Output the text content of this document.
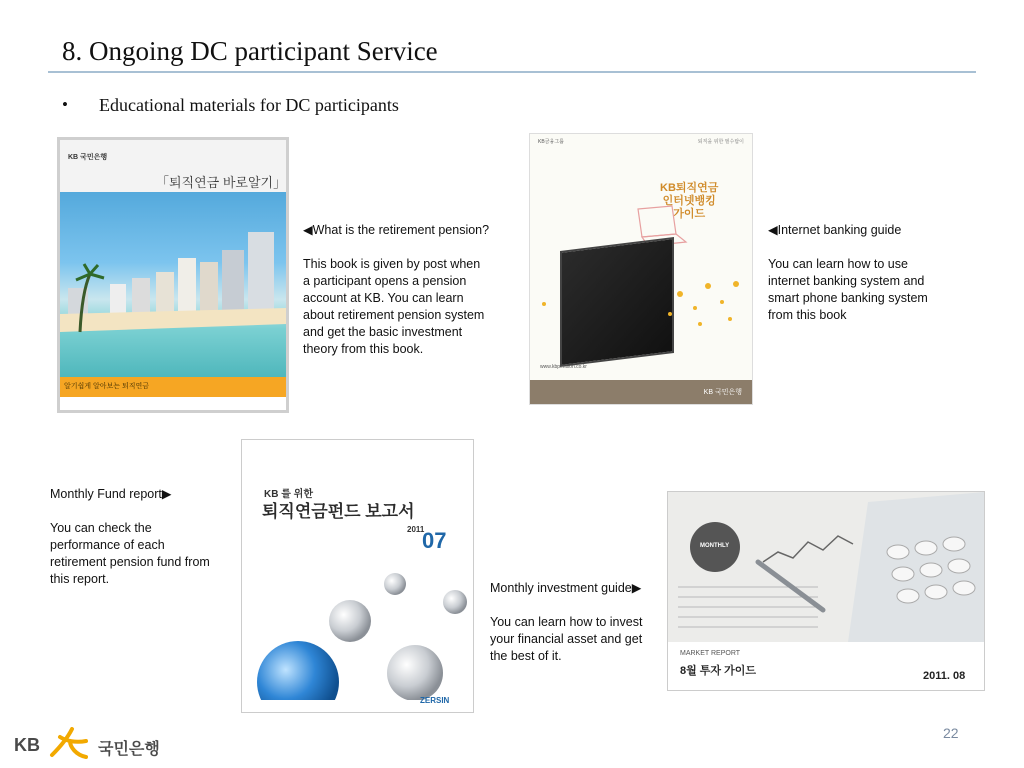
8. Ongoing DC participant Service
• Educational materials for DC participants
KB 국민은행
「퇴직연금 바로알기」
알기쉽게 알아보는 퇴직연금

◀What is the retirement pension?

This book is given by post when

a participant opens a pension

account at KB. You can learn

about retirement pension system

and get the basic investment

theory from this book.

KB금융그룹	퇴직을 위한 필수탑이
KB퇴직연금
인터넷뱅킹
가이드
www.kbpension.co.kr
KB 국민은행

◀Internet banking guide

You can learn how to use

internet banking system and

smart phone banking system

from this book

Monthly Fund report▶

You can check the

performance of each

retirement pension fund from

this report.

KB 를 위한
퇴직연금펀드 보고서
2011
07
ZERSIN

Monthly investment guide▶

You can learn how to invest

your financial asset and get

the best of it.

MONTHLY
MARKET REPORT
8월 투자 가이드	2011. 08
KB	국민은행
22
